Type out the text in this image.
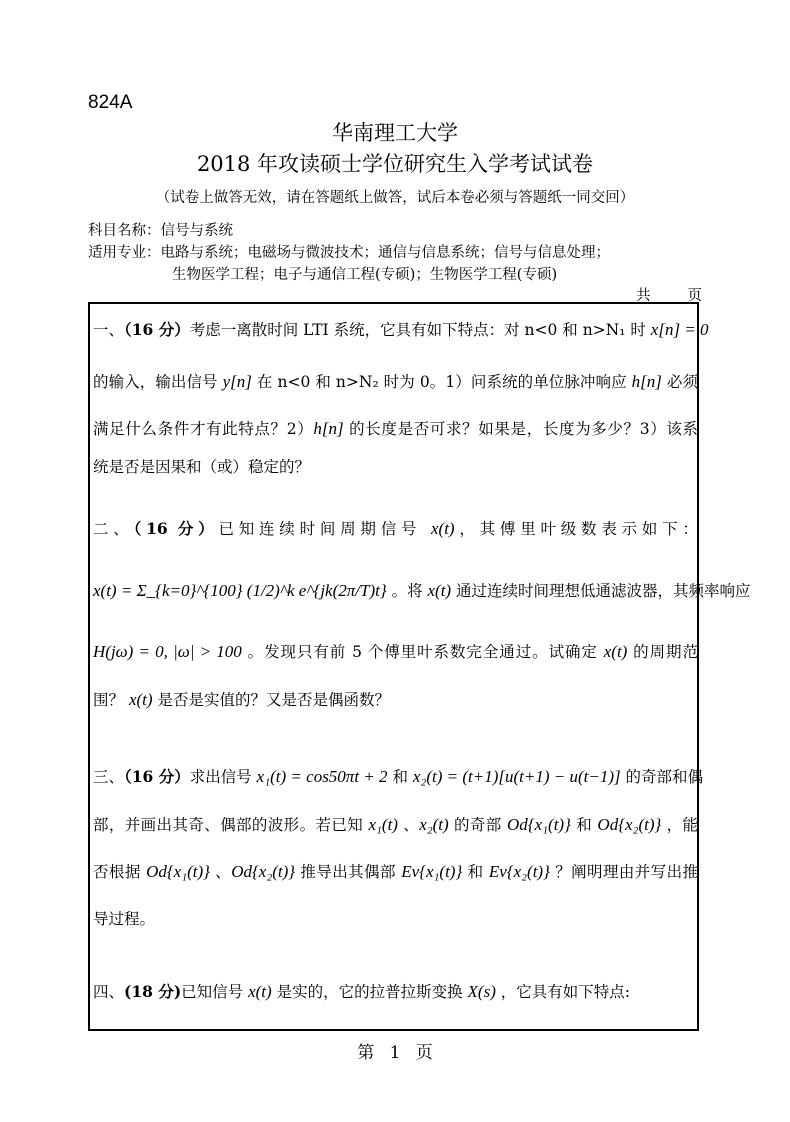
824A
华南理工大学
2018 年攻读硕士学位研究生入学考试试卷
（试卷上做答无效，请在答题纸上做答，试后本卷必须与答题纸一同交回）
科目名称：信号与系统
适用专业：电路与系统；电磁场与微波技术；通信与信息系统；信号与信息处理；
生物医学工程；电子与通信工程(专硕)；生物医学工程(专硕)
共	页
一、（16 分）考虑一离散时间 LTI 系统，它具有如下特点：对 n<0 和 n>N₁ 时 x[n] = 0
的输入，输出信号 y[n] 在 n<0 和 n>N₂ 时为 0。1）问系统的单位脉冲响应 h[n] 必须
满足什么条件才有此特点？2）h[n] 的长度是否可求？如果是，长度为多少？3）该系
统是否是因果和（或）稳定的？
二、（16 分）已知连续时间周期信号 x(t)，其傅里叶级数表示如下：
x(t) = Σ_{k=0}^{100} (1/2)^k e^{jk(2π/T)t} 。将 x(t) 通过连续时间理想低通滤波器，其频率响应
H(jω) = 0, |ω| > 100 。发现只有前 5 个傅里叶系数完全通过。试确定 x(t) 的周期范
围？ x(t) 是否是实值的？又是否是偶函数？
三、（16 分）求出信号 x₁(t) = cos50πt + 2 和 x₂(t) = (t+1)[u(t+1) − u(t−1)] 的奇部和偶
部，并画出其奇、偶部的波形。若已知 x₁(t) 、x₂(t) 的奇部 Od{x₁(t)} 和 Od{x₂(t)} ，能
否根据 Od{x₁(t)} 、Od{x₂(t)} 推导出其偶部 Ev{x₁(t)} 和 Ev{x₂(t)} ？阐明理由并写出推
导过程。
四、(18 分)已知信号 x(t) 是实的，它的拉普拉斯变换 X(s) ，它具有如下特点:
第 1 页
